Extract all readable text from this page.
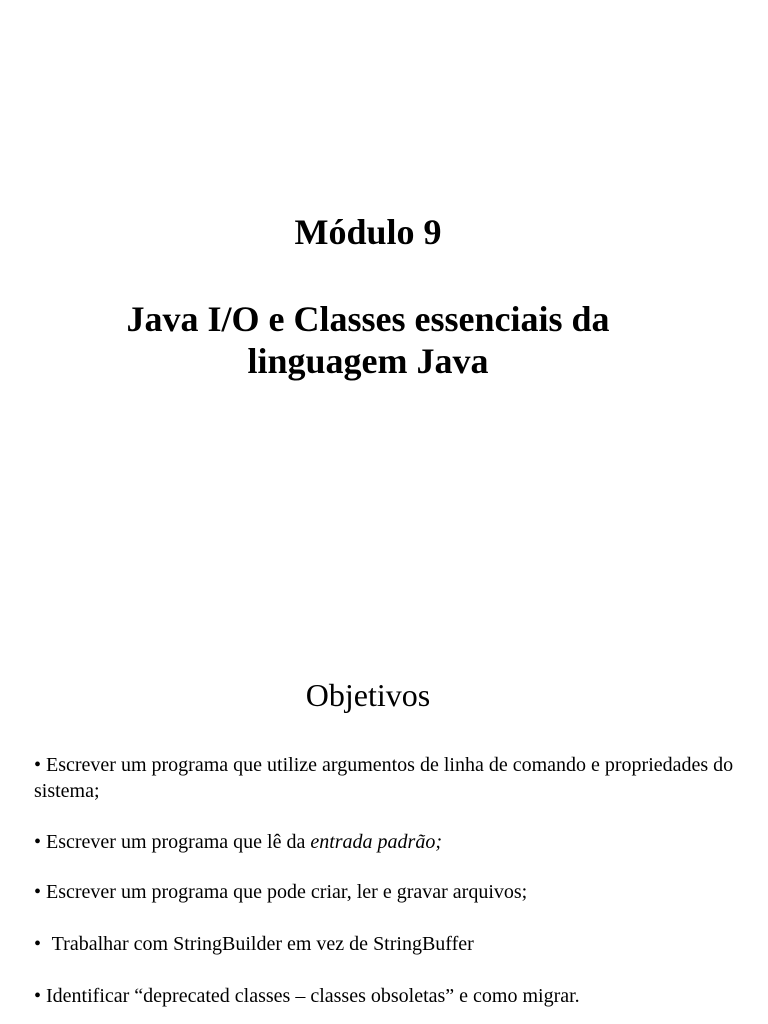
Módulo 9
Java I/O e Classes essenciais da
linguagem Java
Objetivos
• Escrever um programa que utilize argumentos de linha de comando e propriedades do sistema;
• Escrever um programa que lê da entrada padrão;
• Escrever um programa que pode criar, ler e gravar arquivos;
• Trabalhar com StringBuilder em vez de StringBuffer
• Identificar “deprecated classes – classes obsoletas” e como migrar.
